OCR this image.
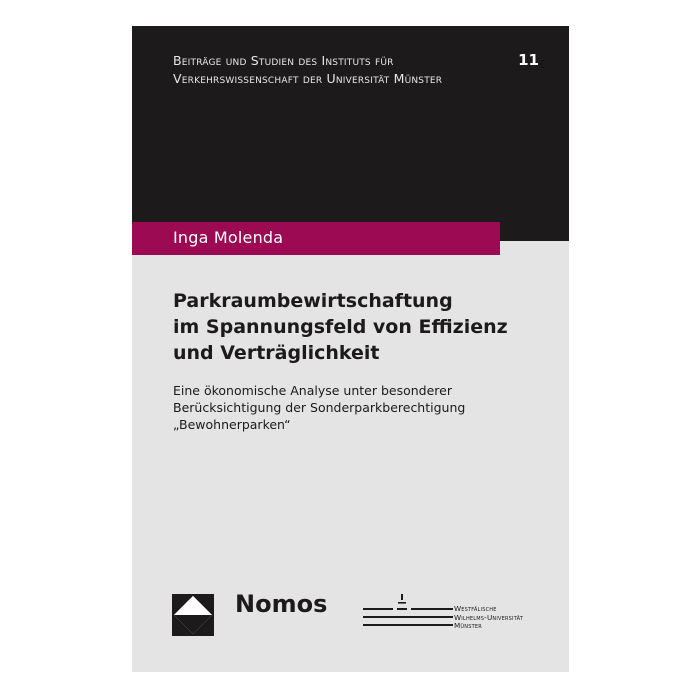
Beiträge und Studien des Instituts für
Verkehrswissenschaft der Universität Münster
11
Inga Molenda
Parkraumbewirtschaftung
im Spannungsfeld von Effizienz
und Verträglichkeit
Eine ökonomische Analyse unter besonderer
Berücksichtigung der Sonderparkberechtigung
„Bewohnerparken“
Nomos	Westfälische
Wilhelms-Universität
Münster
